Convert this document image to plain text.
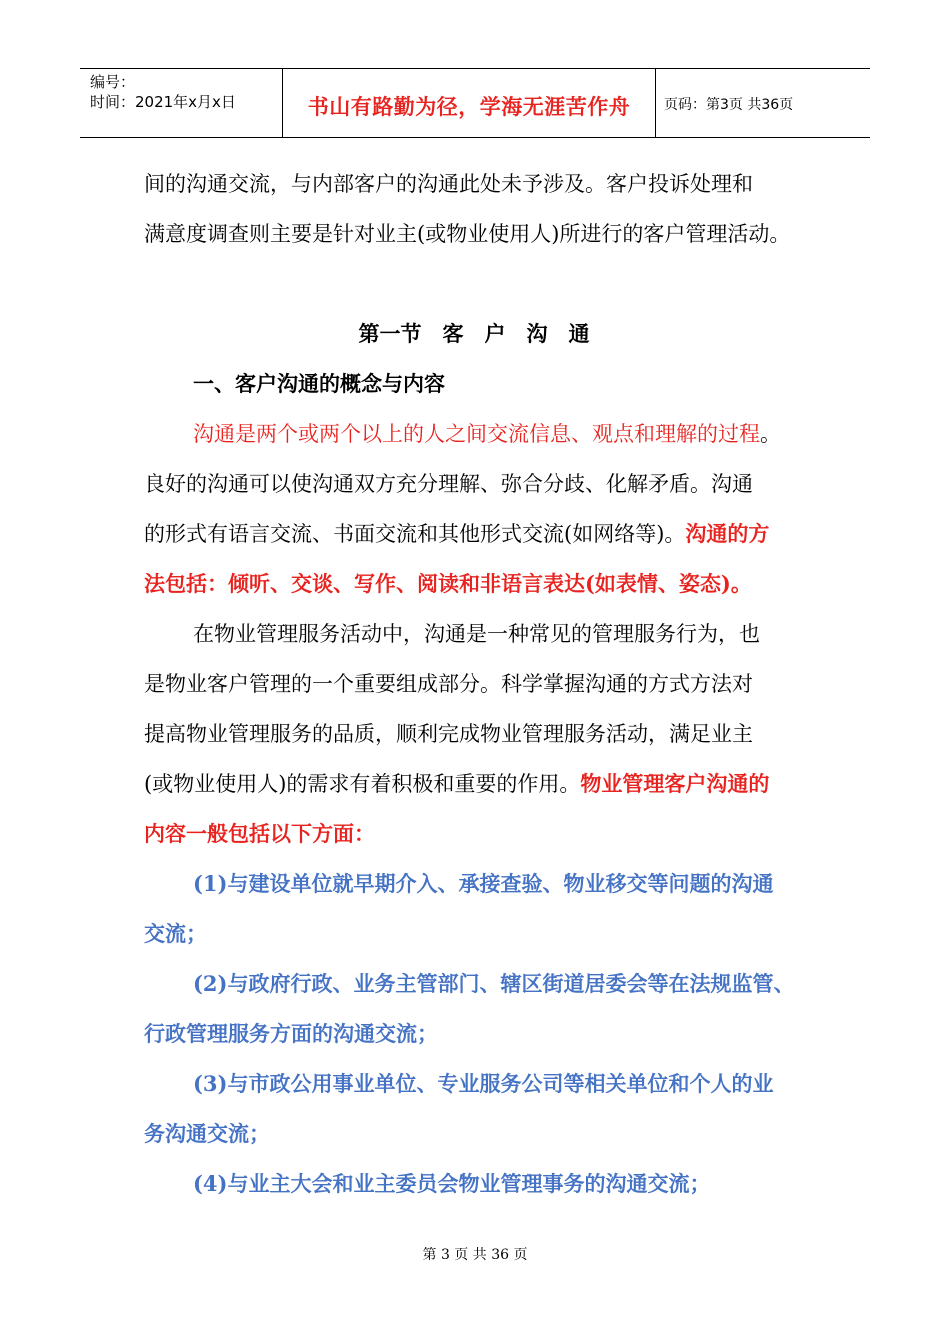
编号：
时间：2021年x月x日	书山有路勤为径，学海无涯苦作舟	页码：第3页 共36页
间的沟通交流，与内部客户的沟通此处未予涉及。客户投诉处理和
满意度调查则主要是针对业主(或物业使用人)所进行的客户管理活动。
第一节　客　户　沟　通
一、客户沟通的概念与内容
沟通是两个或两个以上的人之间交流信息、观点和理解的过程。
良好的沟通可以使沟通双方充分理解、弥合分歧、化解矛盾。沟通
的形式有语言交流、书面交流和其他形式交流(如网络等)。沟通的方
法包括：倾听、交谈、写作、阅读和非语言表达(如表情、姿态)。
在物业管理服务活动中，沟通是一种常见的管理服务行为，也
是物业客户管理的一个重要组成部分。科学掌握沟通的方式方法对
提高物业管理服务的品质，顺利完成物业管理服务活动，满足业主
(或物业使用人)的需求有着积极和重要的作用。物业管理客户沟通的
内容一般包括以下方面：
(1)与建设单位就早期介入、承接查验、物业移交等问题的沟通
交流；
(2)与政府行政、业务主管部门、辖区街道居委会等在法规监管、
行政管理服务方面的沟通交流；
(3)与市政公用事业单位、专业服务公司等相关单位和个人的业
务沟通交流；
(4)与业主大会和业主委员会物业管理事务的沟通交流；
第 3 页 共 36 页
